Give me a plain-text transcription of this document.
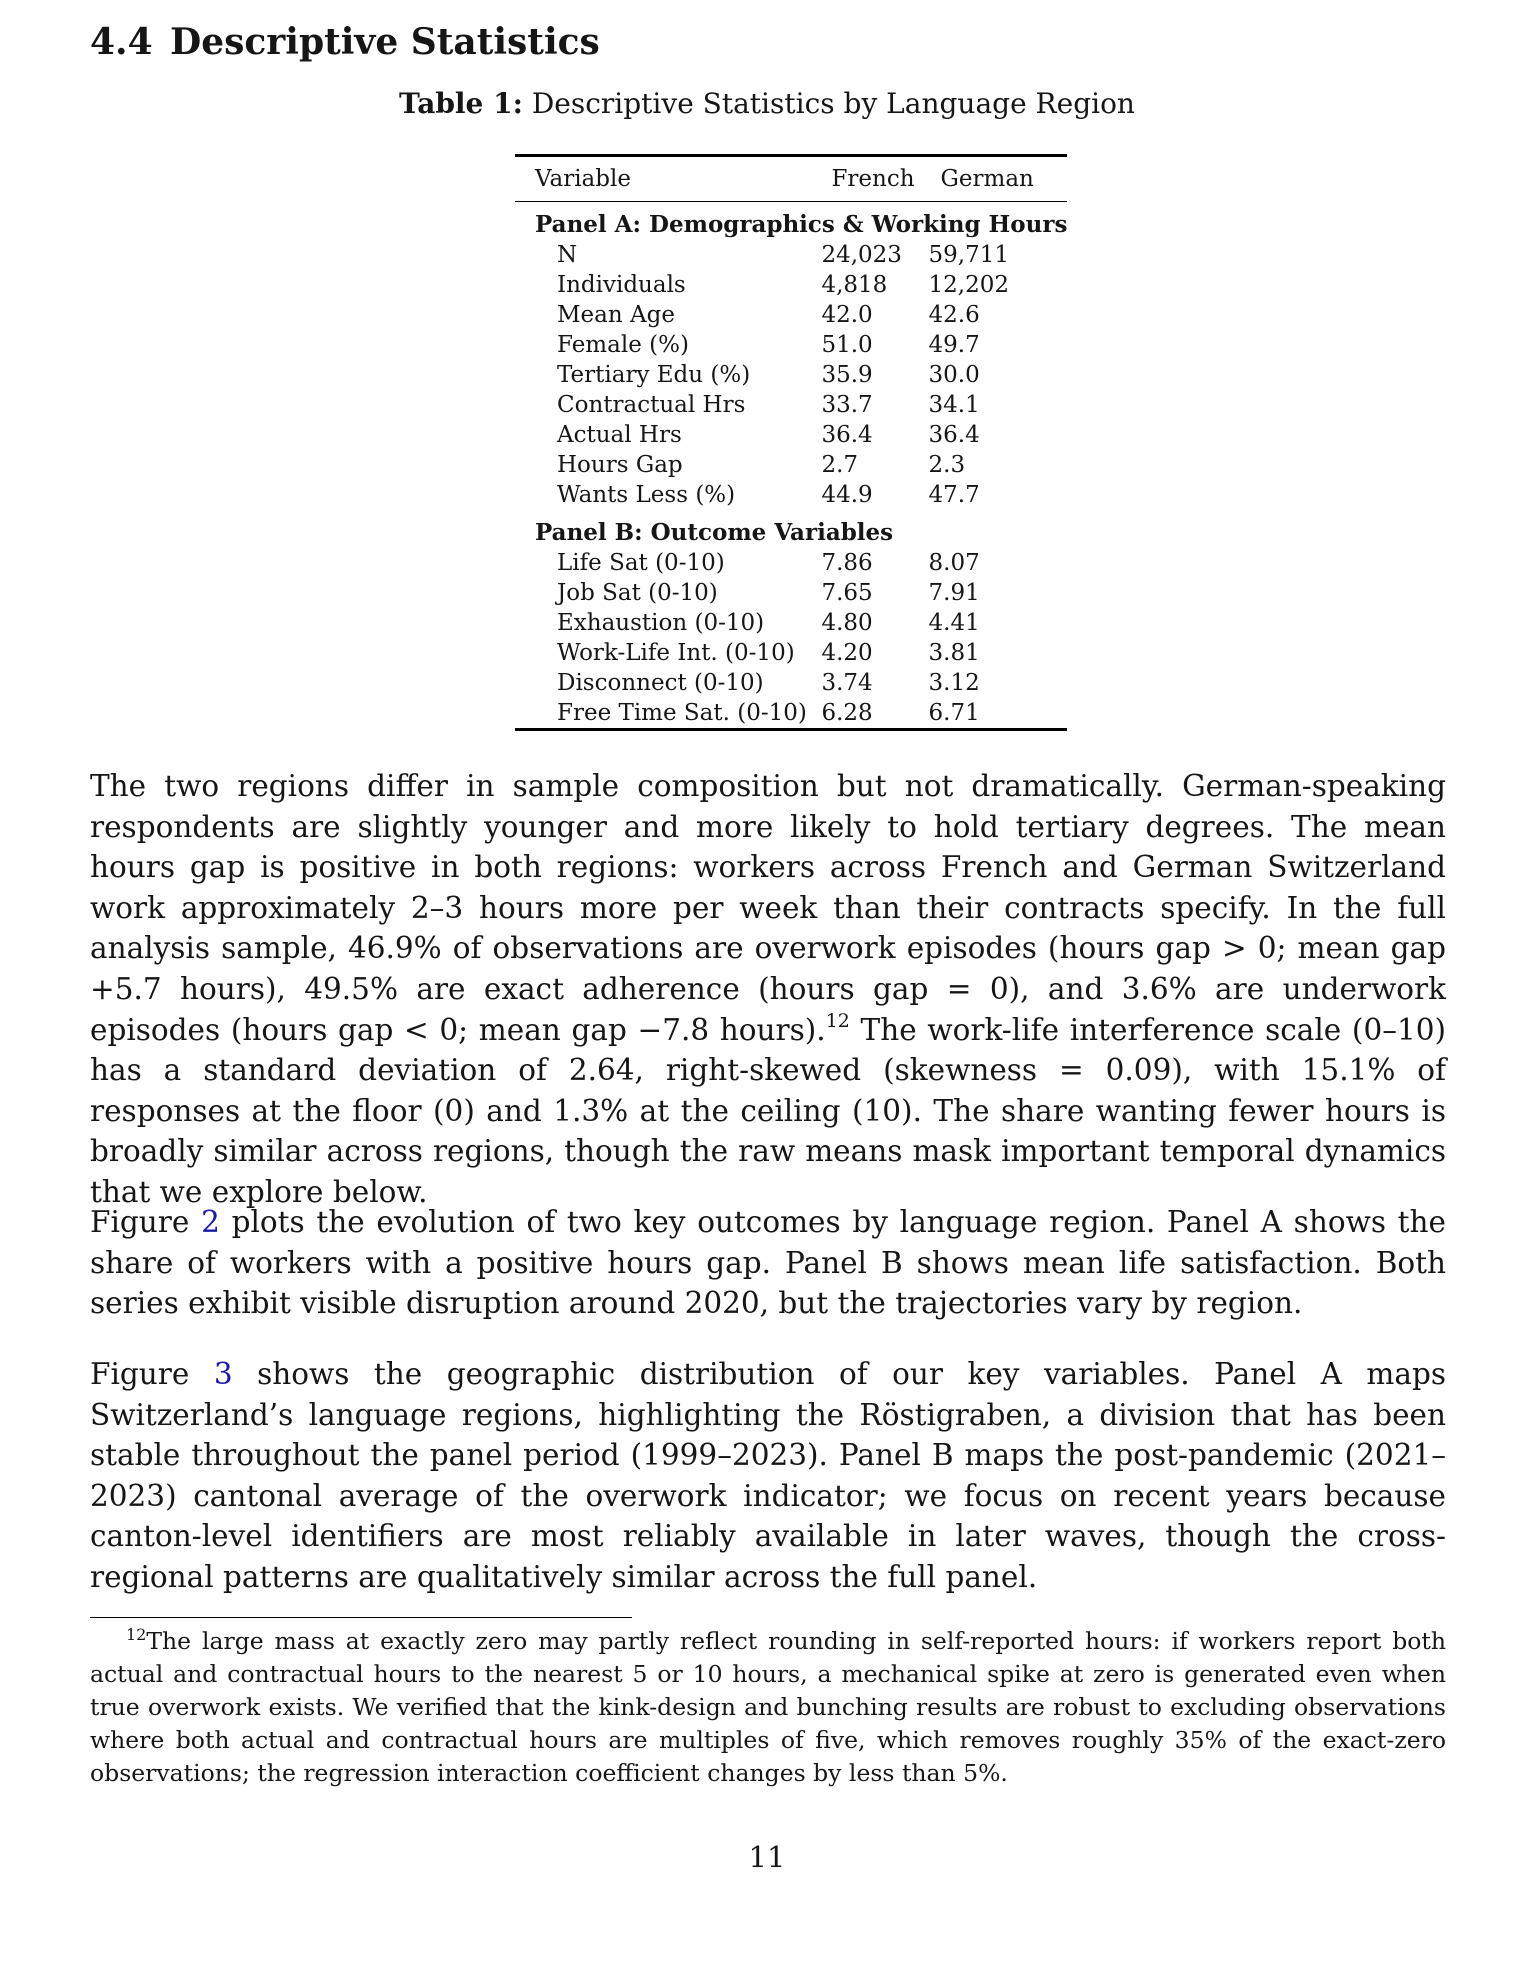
4.4 Descriptive Statistics

Table 1: Descriptive Statistics by Language Region

Variable	French	German
Panel A: Demographics & Working Hours		
N	24,023	59,711
Individuals	4,818	12,202
Mean Age	42.0	42.6
Female (%)	51.0	49.7
Tertiary Edu (%)	35.9	30.0
Contractual Hrs	33.7	34.1
Actual Hrs	36.4	36.4
Hours Gap	2.7	2.3
Wants Less (%)	44.9	47.7
Panel B: Outcome Variables		
Life Sat (0-10)	7.86	8.07
Job Sat (0-10)	7.65	7.91
Exhaustion (0-10)	4.80	4.41
Work-Life Int. (0-10)	4.20	3.81
Disconnect (0-10)	3.74	3.12
Free Time Sat. (0-10)	6.28	6.71

The two regions differ in sample composition but not dramatically. German-speaking respondents are slightly younger and more likely to hold tertiary degrees. The mean hours gap is positive in both regions: workers across French and German Switzerland work approximately 2–3 hours more per week than their contracts specify. In the full analysis sample, 46.9% of observations are overwork episodes (hours gap > 0; mean gap +5.7 hours), 49.5% are exact adherence (hours gap = 0), and 3.6% are underwork episodes (hours gap < 0; mean gap −7.8 hours).$^{12}$ The work-life interference scale (0–10) has a standard deviation of 2.64, right-skewed (skewness = 0.09), with 15.1% of responses at the floor (0) and 1.3% at the ceiling (10). The share wanting fewer hours is broadly similar across regions, though the raw means mask important temporal dynamics that we explore below.

Figure 2 plots the evolution of two key outcomes by language region. Panel A shows the share of workers with a positive hours gap. Panel B shows mean life satisfaction. Both series exhibit visible disruption around 2020, but the trajectories vary by region.

Figure 3 shows the geographic distribution of our key variables. Panel A maps Switzerland’s language regions, highlighting the Röstigraben, a division that has been stable throughout the panel period (1999–2023). Panel B maps the post-pandemic (2021–2023) cantonal average of the overwork indicator; we focus on recent years because canton-level identifiers are most reliably available in later waves, though the cross-regional patterns are qualitatively similar across the full panel.

$^{12}$The large mass at exactly zero may partly reflect rounding in self-reported hours: if workers report both actual and contractual hours to the nearest 5 or 10 hours, a mechanical spike at zero is generated even when true overwork exists. We verified that the kink-design and bunching results are robust to excluding observations where both actual and contractual hours are multiples of five, which removes roughly 35% of the exact-zero observations; the regression interaction coefficient changes by less than 5%.

11
